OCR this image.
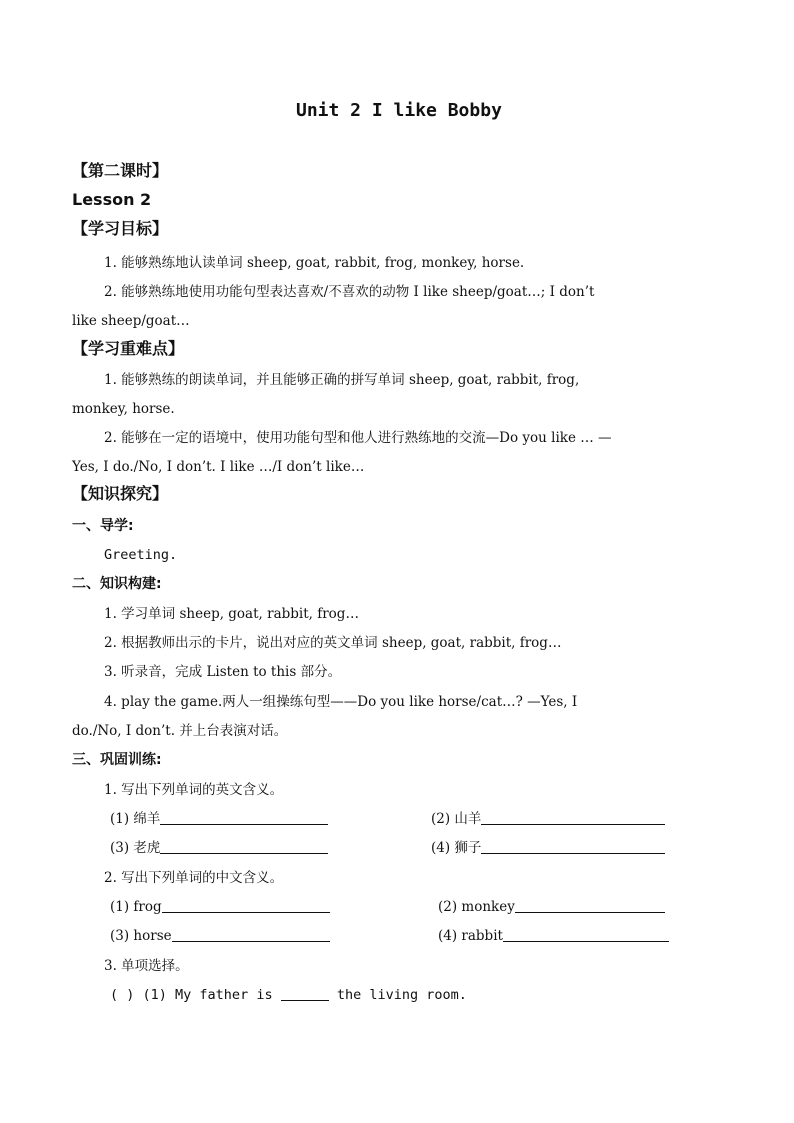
Unit 2 I like Bobby
【第二课时】
Lesson 2
【学习目标】
1. 能够熟练地认读单词 sheep, goat, rabbit, frog, monkey, horse.
2. 能够熟练地使用功能句型表达喜欢/不喜欢的动物 I like sheep/goat…; I don’t
like sheep/goat…
【学习重难点】
1. 能够熟练的朗读单词，并且能够正确的拼写单词 sheep, goat, rabbit, frog,
monkey, horse.
2. 能够在一定的语境中，使用功能句型和他人进行熟练地的交流—Do you like … —
Yes, I do./No, I don’t. I like …/I don’t like…
【知识探究】
一、导学:
Greeting.
二、知识构建:
1. 学习单词 sheep, goat, rabbit, frog…
2. 根据教师出示的卡片，说出对应的英文单词 sheep, goat, rabbit, frog…
3. 听录音，完成 Listen to this 部分。
4. play the game.两人一组操练句型——Do you like horse/cat…? —Yes, I
do./No, I don’t. 并上台表演对话。
三、巩固训练:
1. 写出下列单词的英文含义。
(1) 绵羊	(2) 山羊
(3) 老虎	(4) 狮子
2. 写出下列单词的中文含义。
(1) frog	(2) monkey
(3) horse	(4) rabbit
3. 单项选择。
( ) (1) My father is	the living room.
